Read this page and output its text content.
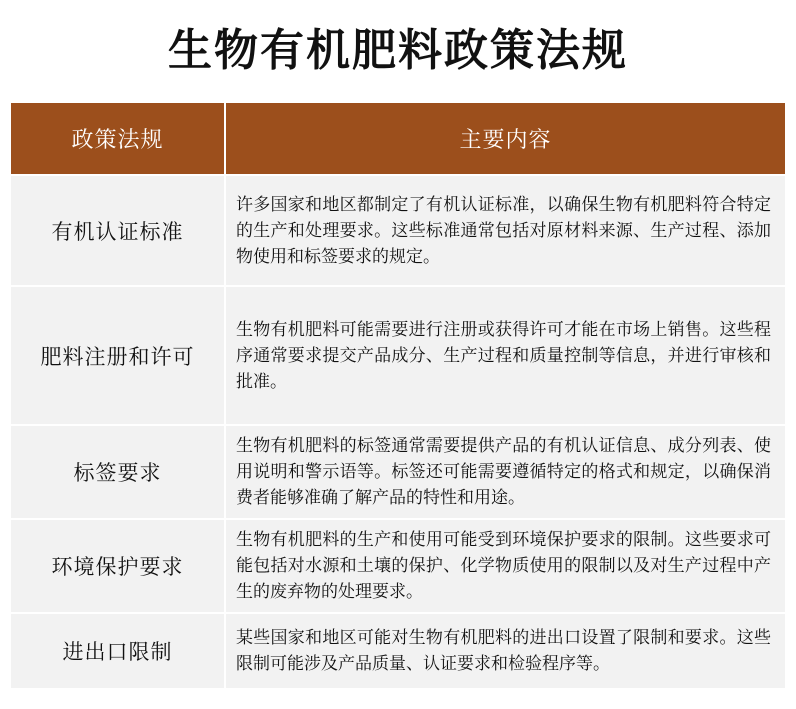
生物有机肥料政策法规
政策法规	主要内容
有机认证标准	许多国家和地区都制定了有机认证标准，以确保生物有机肥料符合特定的生产和处理要求。这些标准通常包括对原材料来源、生产过程、添加物使用和标签要求的规定。
肥料注册和许可	生物有机肥料可能需要进行注册或获得许可才能在市场上销售。这些程序通常要求提交产品成分、生产过程和质量控制等信息，并进行审核和批准。
标签要求	生物有机肥料的标签通常需要提供产品的有机认证信息、成分列表、使用说明和警示语等。标签还可能需要遵循特定的格式和规定，以确保消费者能够准确了解产品的特性和用途。
环境保护要求	生物有机肥料的生产和使用可能受到环境保护要求的限制。这些要求可能包括对水源和土壤的保护、化学物质使用的限制以及对生产过程中产生的废弃物的处理要求。
进出口限制	某些国家和地区可能对生物有机肥料的进出口设置了限制和要求。这些限制可能涉及产品质量、认证要求和检验程序等。
